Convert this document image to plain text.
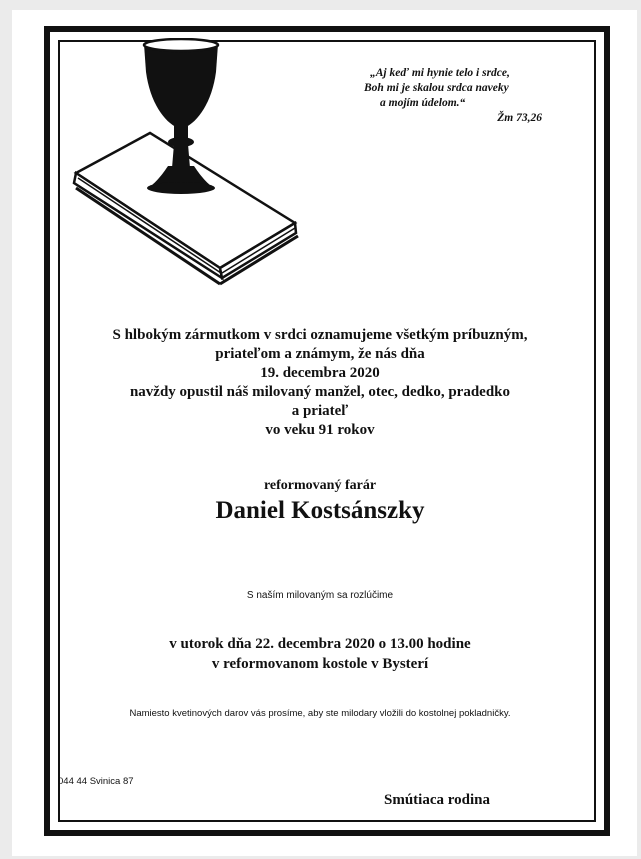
„Aj keď mi hynie telo i srdce,
Boh mi je skalou srdca naveky
a mojím údelom.“
Žm 73,26
S hlbokým zármutkom v srdci oznamujeme všetkým príbuzným,
priateľom a známym, že nás dňa
19. decembra 2020
navždy opustil náš milovaný manžel, otec, dedko, pradedko
a priateľ
vo veku 91 rokov
reformovaný farár
Daniel Kostsánszky
S naším milovaným sa rozlúčime
v utorok dňa 22. decembra 2020 o 13.00 hodine
v reformovanom kostole v Bysterí
Namiesto kvetinových darov vás prosíme, aby ste milodary vložili do kostolnej pokladničky.
044 44 Svinica 87
Smútiaca rodina
